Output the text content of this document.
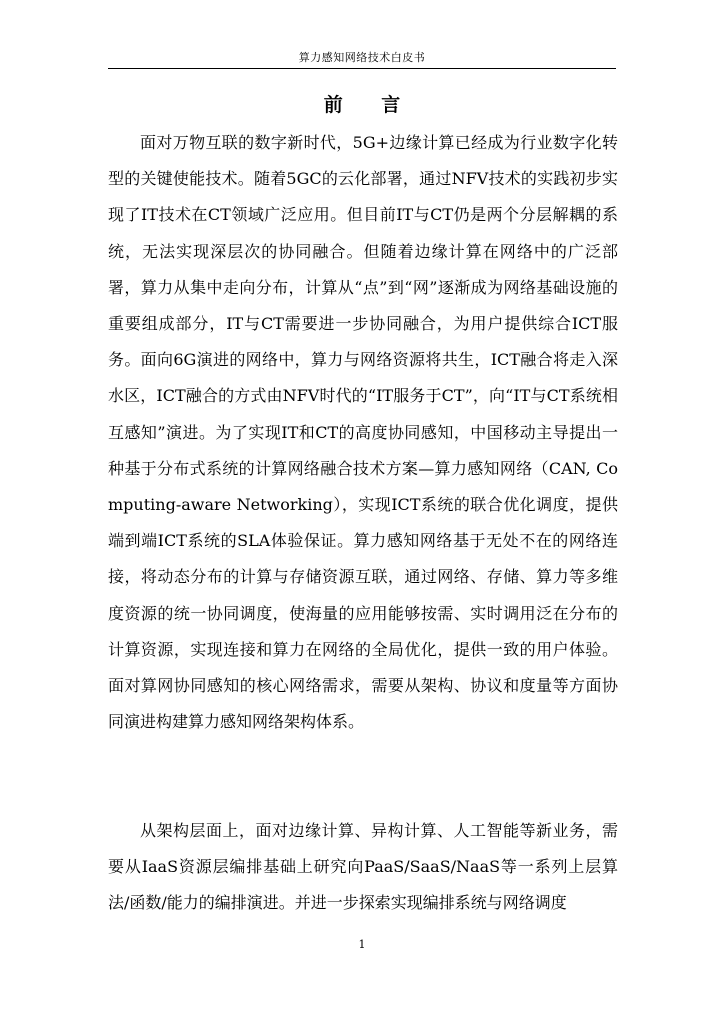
算力感知网络技术白皮书
前 言

面对万物互联的数字新时代，5G+边缘计算已经成为行业数字化转型的关键使能技术。随着5GC的云化部署，通过NFV技术的实践初步实现了IT技术在CT领域广泛应用。但目前IT与CT仍是两个分层解耦的系统，无法实现深层次的协同融合。但随着边缘计算在网络中的广泛部署，算力从集中走向分布，计算从“点”到“网”逐渐成为网络基础设施的重要组成部分，IT与CT需要进一步协同融合，为用户提供综合ICT服务。面向6G演进的网络中，算力与网络资源将共生，ICT融合将走入深水区，ICT融合的方式由NFV时代的“IT服务于CT”，向“IT与CT系统相互感知”演进。为了实现IT和CT的高度协同感知，中国移动主导提出一种基于分布式系统的计算网络融合技术方案—算力感知网络（CAN, Computing-aware Networking），实现ICT系统的联合优化调度，提供端到端ICT系统的SLA体验保证。算力感知网络基于无处不在的网络连接，将动态分布的计算与存储资源互联，通过网络、存储、算力等多维度资源的统一协同调度，使海量的应用能够按需、实时调用泛在分布的计算资源，实现连接和算力在网络的全局优化，提供一致的用户体验。面对算网协同感知的核心网络需求，需要从架构、协议和度量等方面协同演进构建算力感知网络架构体系。

从架构层面上，面对边缘计算、异构计算、人工智能等新业务，需要从IaaS资源层编排基础上研究向PaaS/SaaS/NaaS等一系列上层算法/函数/能力的编排演进。并进一步探索实现编排系统与网络调度

1
